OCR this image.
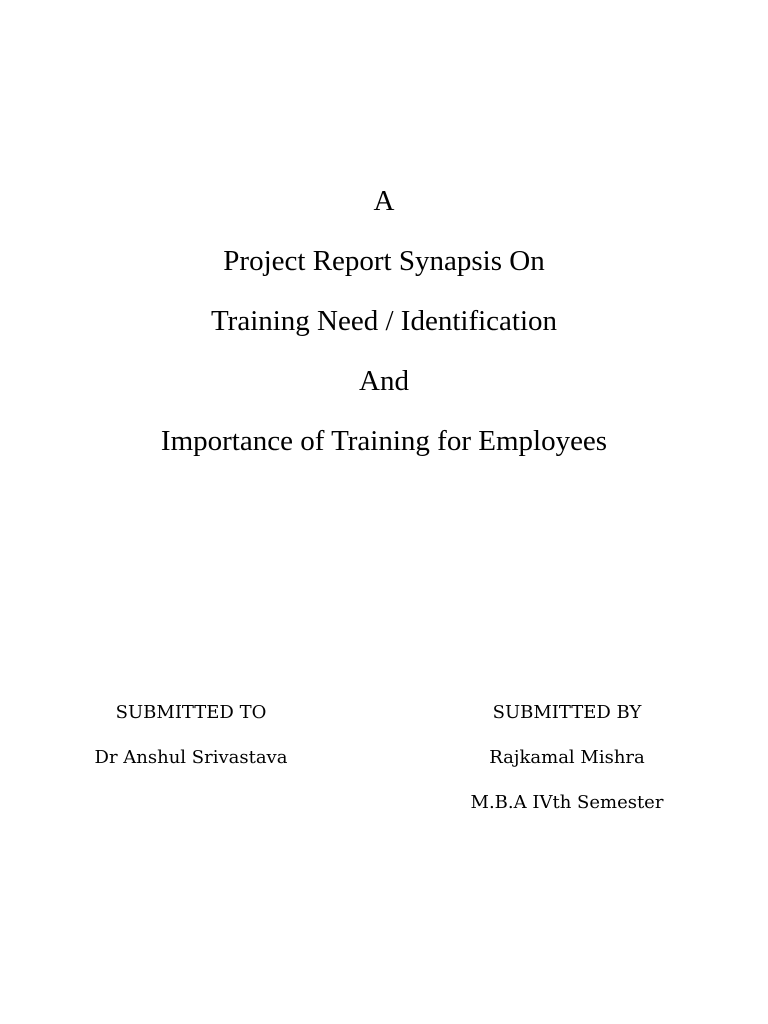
A
Project Report Synapsis On
Training Need / Identification
And
Importance of Training for Employees
SUBMITTED TO
Dr Anshul Srivastava
SUBMITTED BY
Rajkamal Mishra
M.B.A IVth Semester
